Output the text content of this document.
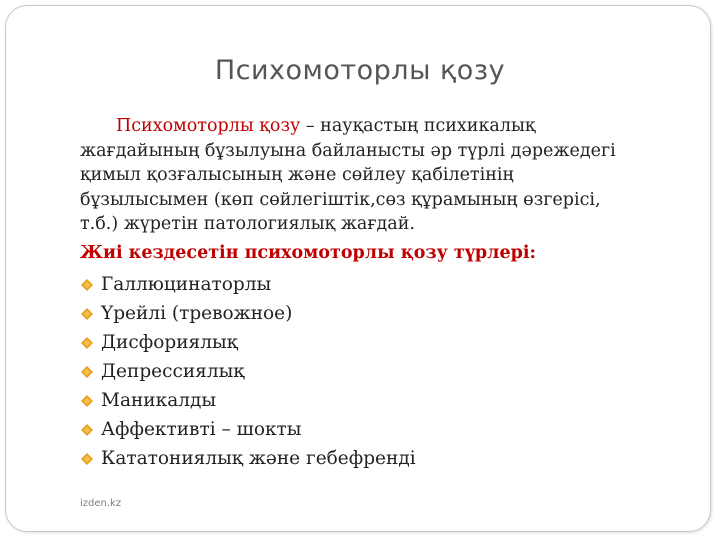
Психомоторлы қозу

Психомоторлы қозу – науқастың психикалық жағдайының бұзылуына байланысты әр түрлі дәрежедегі қимыл қозғалысының және сөйлеу қабілетінің бұзылысымен (көп сөйлегіштік,сөз құрамының өзгерісі, т.б.) жүретін патологиялық жағдай.

Жиі кездесетін психомоторлы қозу түрлері:
Галлюцинаторлы
Үрейлі (тревожное)
Дисфориялық
Депрессиялық
Маникалды
Аффективті – шокты
Кататониялық және гебефренді
izden.kz
